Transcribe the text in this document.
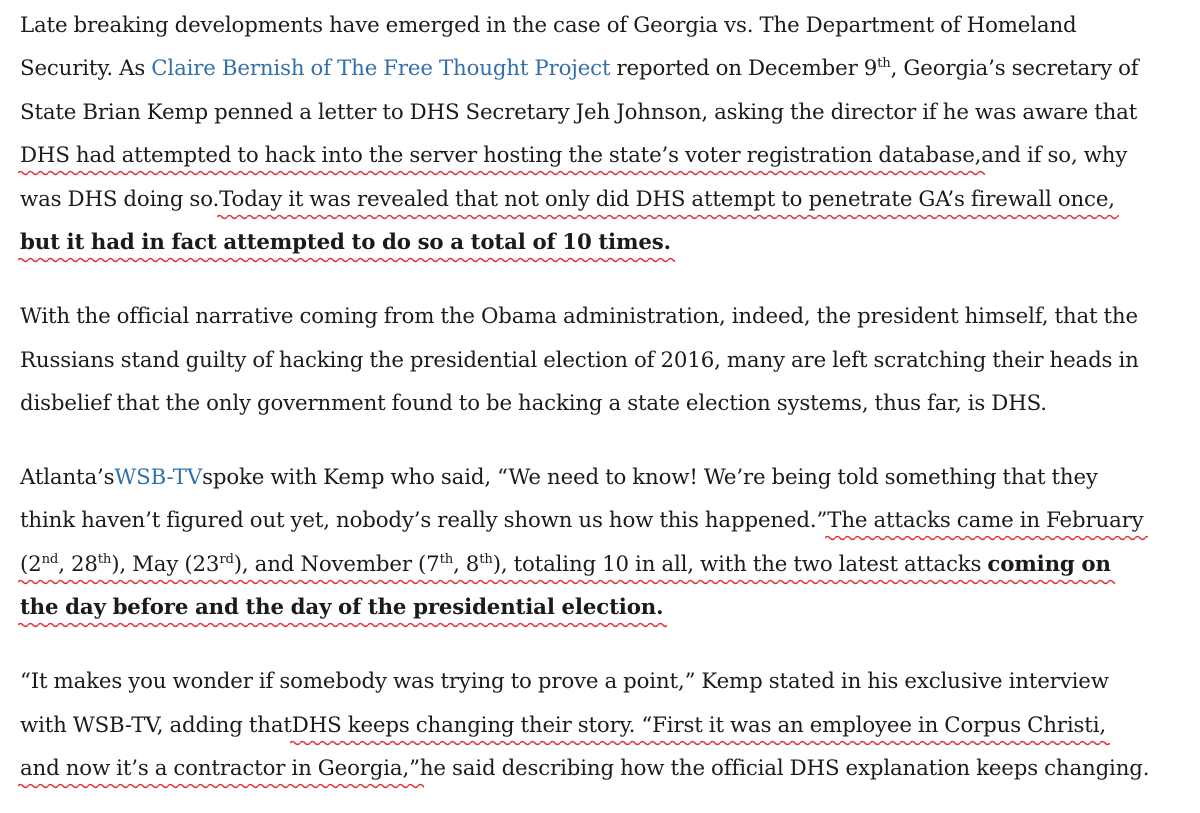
Late breaking developments have emerged in the case of Georgia vs. The Department of Homeland
Security. As Claire Bernish of The Free Thought Project reported on December 9th, Georgia’s secretary of
State Brian Kemp penned a letter to DHS Secretary Jeh Johnson, asking the director if he was aware that
DHS had attempted to hack into the server hosting the state’s voter registration database,and if so, why
was DHS doing so.Today it was revealed that not only did DHS attempt to penetrate GA’s firewall once,
but it had in fact attempted to do so a total of 10 times.
With the official narrative coming from the Obama administration, indeed, the president himself, that the
Russians stand guilty of hacking the presidential election of 2016, many are left scratching their heads in
disbelief that the only government found to be hacking a state election systems, thus far, is DHS.
Atlanta’sWSB-TVspoke with Kemp who said, “We need to know! We’re being told something that they
think haven’t figured out yet, nobody’s really shown us how this happened.”The attacks came in February
(2nd, 28th), May (23rd), and November (7th, 8th), totaling 10 in all, with the two latest attacks coming on
the day before and the day of the presidential election.
“It makes you wonder if somebody was trying to prove a point,” Kemp stated in his exclusive interview
with WSB-TV, adding thatDHS keeps changing their story. “First it was an employee in Corpus Christi,
and now it’s a contractor in Georgia,”he said describing how the official DHS explanation keeps changing.
